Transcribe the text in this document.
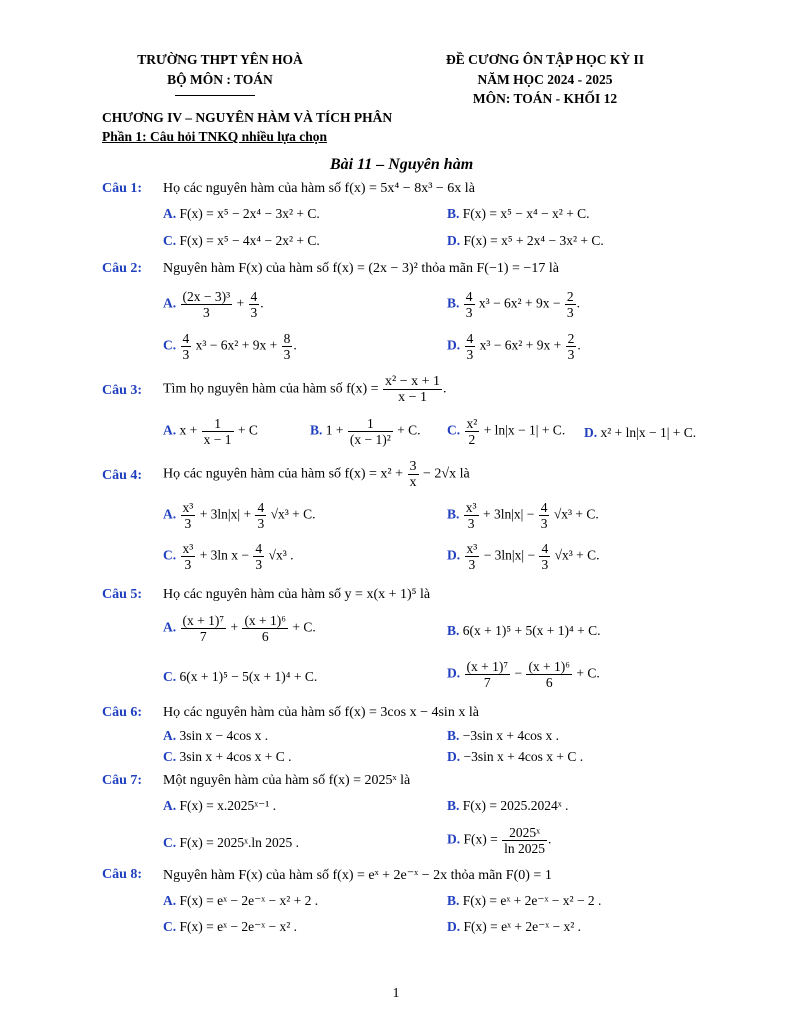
TRƯỜNG THPT YÊN HOÀ
BỘ MÔN : TOÁN
ĐỀ CƯƠNG ÔN TẬP HỌC KỲ II
NĂM HỌC 2024 - 2025
MÔN: TOÁN - KHỐI 12
CHƯƠNG IV – NGUYÊN HÀM VÀ TÍCH PHÂN
Phần 1: Câu hỏi TNKQ nhiều lựa chọn
Bài 11 – Nguyên hàm
Câu 1: Họ các nguyên hàm của hàm số f(x) = 5x⁴ − 8x³ − 6x là
A. F(x) = x⁵ − 2x⁴ − 3x² + C.	B. F(x) = x⁵ − x⁴ − x² + C.
C. F(x) = x⁵ − 4x⁴ − 2x² + C.	D. F(x) = x⁵ + 2x⁴ − 3x² + C.
Câu 2: Nguyên hàm F(x) của hàm số f(x) = (2x − 3)² thỏa mãn F(−1) = −17 là
A. $\frac{\text{(2x − 3)³}}{3} + \frac{4}{3}$ .	B. $\frac{4}{3} x^3 - 6x^2 + 9x - \frac{2}{3}$ .
C. $\frac{4}{3} x^3 - 6x^2 + 9x + \frac{8}{3}$ .	D. $\frac{4}{3} x^3 - 6x^2 + 9x + \frac{2}{3}$ .
Câu 3: Tìm họ nguyên hàm của hàm số $f(x) = \frac{\text{x² − x + 1}}{x - 1}$ .
A. $x + \frac{1}{x - 1} + C$	B. $1 + \frac{1}{\text{(x − 1)²}} + C$. C. $\frac{\text{x²}}{2} + \ln|x - 1| + C$. D. x² + ln|x − 1| + C.
Câu 4: Họ các nguyên hàm của hàm số $f(x) = x^2 + \frac{3}{x} - 2√x$ là
A. $\frac{\text{x³}}{3} + 3\ln|x| + \frac{4}{3} √x^3 + C$.	B. $\frac{\text{x³}}{3} + 3\ln|x| - \frac{4}{3} √x^3 + C$.
C. $\frac{\text{x³}}{3} + 3\ln$ $x - \frac{4}{3} √x^3$ .	D. $\frac{\text{x³}}{3} - 3\ln|x| - \frac{4}{3} √x^3 + C$.
Câu 5: Họ các nguyên hàm của hàm số y = x(x + 1)⁵ là
A. $\frac{\text{(x + 1)⁷}}{7} + \frac{\text{(x + 1)⁶}}{6} + C$.	B. 6(x + 1)⁵ + 5(x + 1)⁴ + C.
C. 6(x + 1)⁵ − 5(x + 1)⁴ + C.	D. $\frac{\text{(x + 1)⁷}}{7} - \frac{\text{(x + 1)⁶}}{6} + C$.
Câu 6: Họ các nguyên hàm của hàm số f(x) = 3cos x − 4sin x là
A. 3sin x − 4cos x .	B. −3sin x + 4cos x .
C. 3sin x + 4cos x + C .	D. −3sin x + 4cos x + C .
Câu 7: Một nguyên hàm của hàm số f(x) = 2025ˣ là
A. F(x) = x.2025ˣ⁻¹ .	B. F(x) = 2025.2024ˣ .
C. F(x) = 2025ˣ.ln 2025 .	D. $F(x) = \frac{\text{2025ˣ}}{\ln 2025}$ .
Câu 8: Nguyên hàm F(x) của hàm số f(x) = eˣ + 2e⁻ˣ − 2x thỏa mãn F(0) = 1
A. F(x) = eˣ − 2e⁻ˣ − x² + 2 .	B. F(x) = eˣ + 2e⁻ˣ − x² − 2 .
C. F(x) = eˣ − 2e⁻ˣ − x² .	D. F(x) = eˣ + 2e⁻ˣ − x² .
1
